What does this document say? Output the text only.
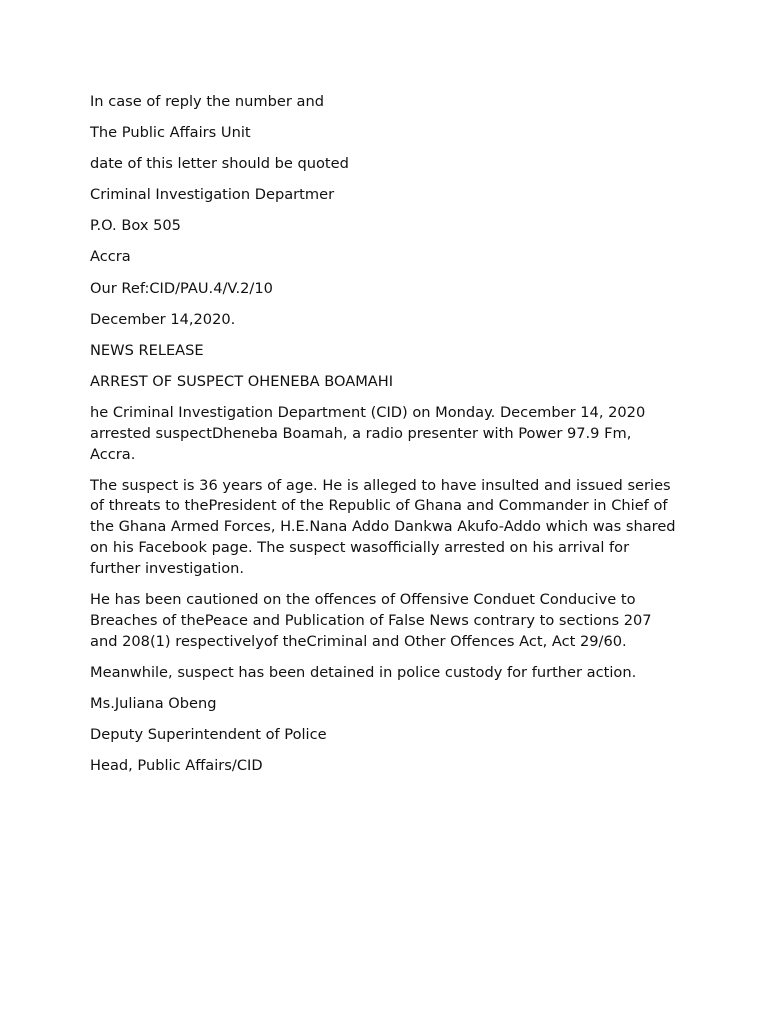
In case of reply the number and

The Public Affairs Unit

date of this letter should be quoted

Criminal Investigation Departmer

P.O. Box 505

Accra

Our Ref:CID/PAU.4/V.2/10

December 14,2020.

NEWS RELEASE

ARREST OF SUSPECT OHENEBA BOAMAHI

he Criminal Investigation Department (CID) on Monday. December 14, 2020 arrested suspectDheneba Boamah, a radio presenter with Power 97.9 Fm, Accra.

The suspect is 36 years of age. He is alleged to have insulted and issued series of threats to thePresident of the Republic of Ghana and Commander in Chief of the Ghana Armed Forces, H.E.Nana Addo Dankwa Akufo-Addo which was shared on his Facebook page. The suspect wasofficially arrested on his arrival for further investigation.

He has been cautioned on the offences of Offensive Conduet Conducive to Breaches of thePeace and Publication of False News contrary to sections 207 and 208(1) respectivelyof theCriminal and Other Offences Act, Act 29/60.

Meanwhile, suspect has been detained in police custody for further action.

Ms.Juliana Obeng

Deputy Superintendent of Police

Head, Public Affairs/CID
